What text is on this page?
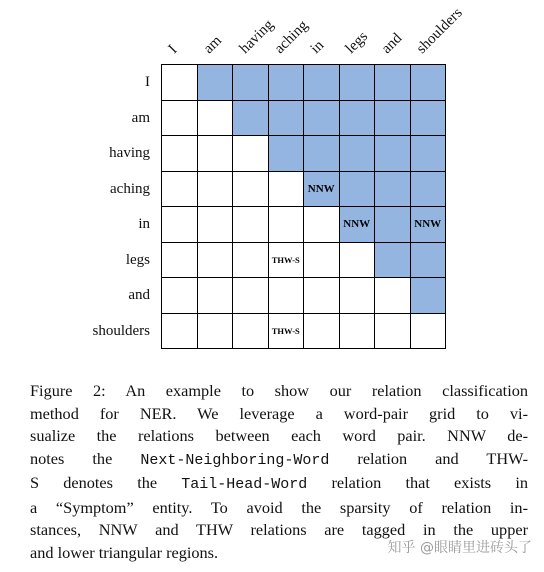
I am having
aching
in legs and shoulders
I
am
having
aching
in
legs
and
shoulders
NNW
NNW	NNW
THW-S
THW-S
Figure 2: An example to show our relation classification
method for NER. We leverage a word-pair grid to vi-
sualize the relations between each word pair. NNW de-
notes the Next-Neighboring-Word relation and THW-
S denotes the Tail-Head-Word relation that exists in
a “Symptom” entity. To avoid the sparsity of relation in-
stances, NNW and THW relations are tagged in the upper
and lower triangular regions.	知乎 @眼睛里进砖头了
